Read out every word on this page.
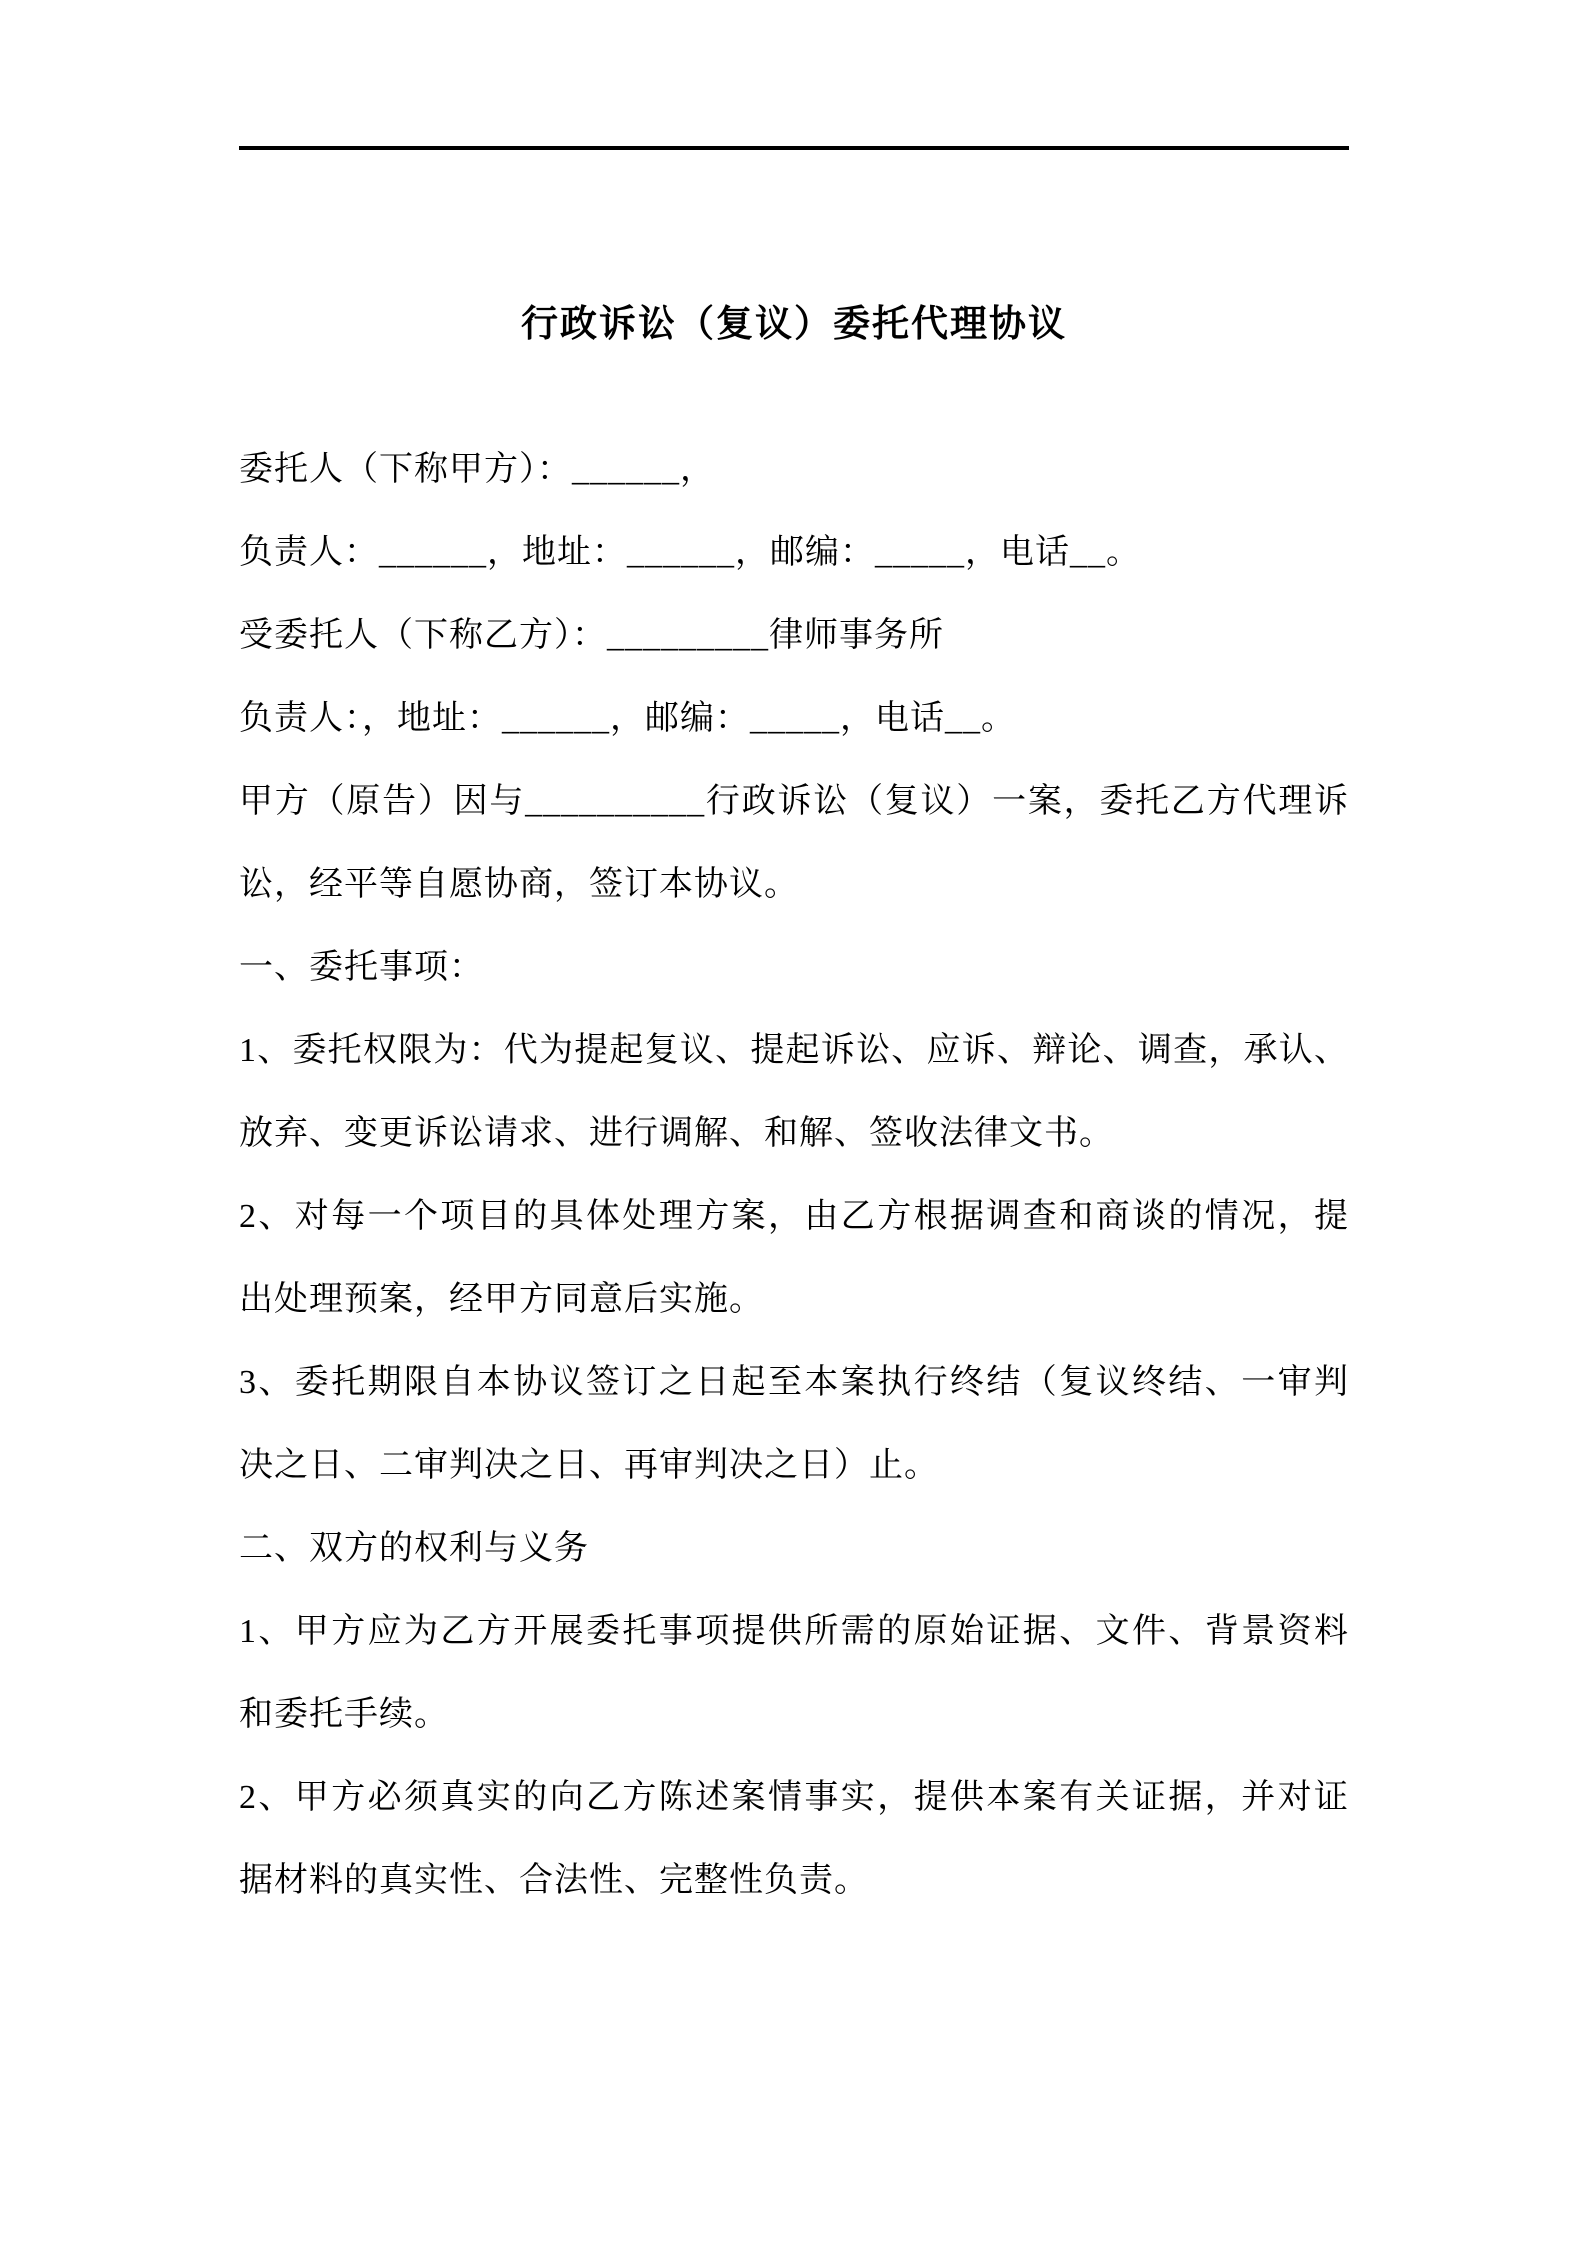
行政诉讼（复议）委托代理协议
委托人（下称甲方）：______，
负责人：______，地址：______，邮编：_____，电话__。
受委托人（下称乙方）：_________律师事务所
负责人：，地址：______，邮编：_____，电话__。
甲方（原告）因与__________行政诉讼（复议）一案，委托乙方代理诉
讼，经平等自愿协商，签订本协议。
一、委托事项：
1、委托权限为：代为提起复议、提起诉讼、应诉、辩论、调查，承认、
放弃、变更诉讼请求、进行调解、和解、签收法律文书。
2、对每一个项目的具体处理方案，由乙方根据调查和商谈的情况，提
出处理预案，经甲方同意后实施。
3、委托期限自本协议签订之日起至本案执行终结（复议终结、一审判
决之日、二审判决之日、再审判决之日）止。
二、双方的权利与义务
1、甲方应为乙方开展委托事项提供所需的原始证据、文件、背景资料
和委托手续。
2、甲方必须真实的向乙方陈述案情事实，提供本案有关证据，并对证
据材料的真实性、合法性、完整性负责。
